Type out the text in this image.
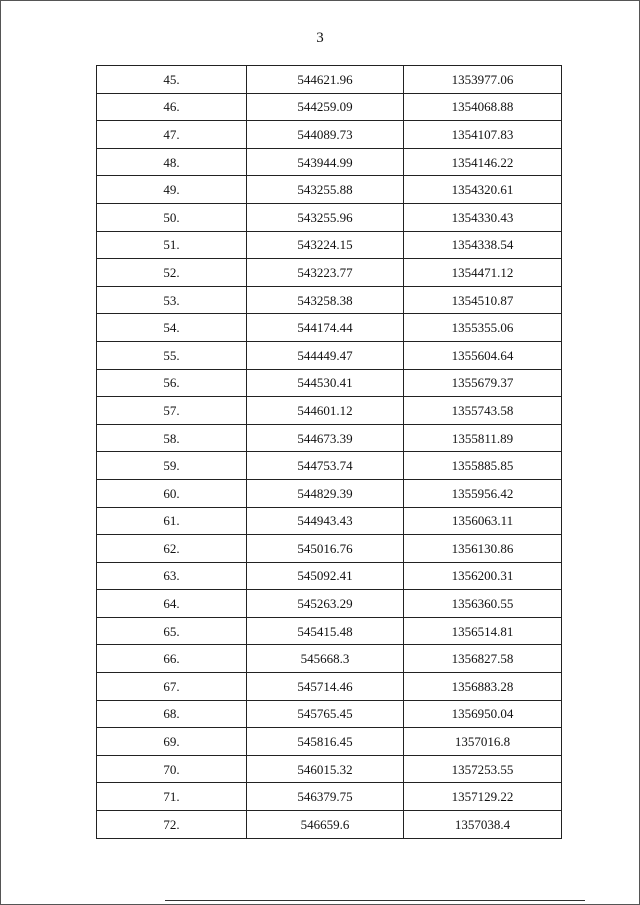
3
45.	544621.96	1353977.06
46.	544259.09	1354068.88
47.	544089.73	1354107.83
48.	543944.99	1354146.22
49.	543255.88	1354320.61
50.	543255.96	1354330.43
51.	543224.15	1354338.54
52.	543223.77	1354471.12
53.	543258.38	1354510.87
54.	544174.44	1355355.06
55.	544449.47	1355604.64
56.	544530.41	1355679.37
57.	544601.12	1355743.58
58.	544673.39	1355811.89
59.	544753.74	1355885.85
60.	544829.39	1355956.42
61.	544943.43	1356063.11
62.	545016.76	1356130.86
63.	545092.41	1356200.31
64.	545263.29	1356360.55
65.	545415.48	1356514.81
66.	545668.3	1356827.58
67.	545714.46	1356883.28
68.	545765.45	1356950.04
69.	545816.45	1357016.8
70.	546015.32	1357253.55
71.	546379.75	1357129.22
72.	546659.6	1357038.4
